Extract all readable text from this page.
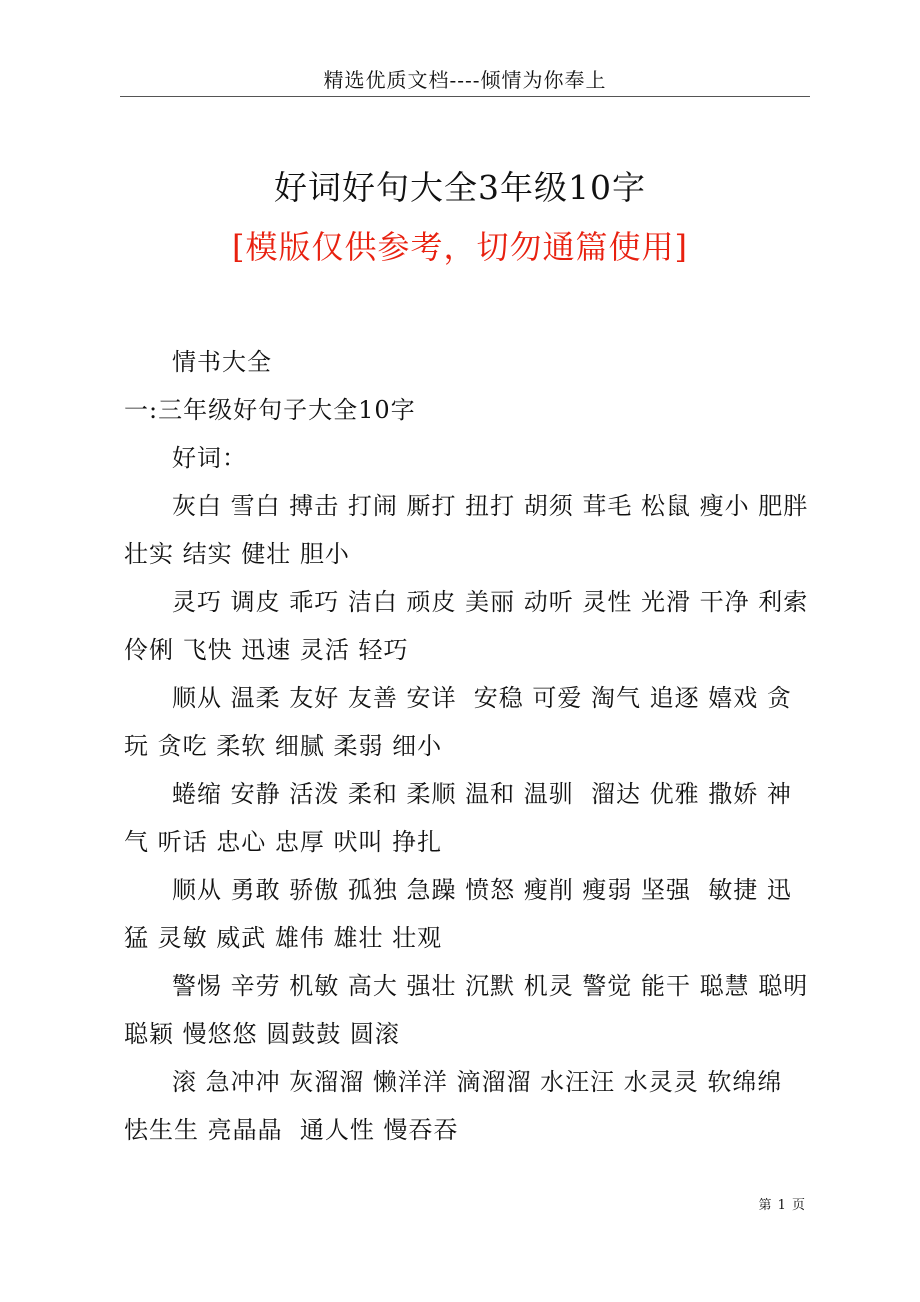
精选优质文档----倾情为你奉上
好词好句大全3年级10字
[模版仅供参考，切勿通篇使用]

情书大全

一:三年级好句子大全10字

好词：

灰白 雪白 搏击 打闹 厮打 扭打 胡须 茸毛 松鼠 瘦小 肥胖 壮实 结实 健壮 胆小

灵巧 调皮 乖巧 洁白 顽皮 美丽 动听 灵性 光滑 干净 利索 伶俐 飞快 迅速 灵活 轻巧

顺从 温柔 友好 友善 安详  安稳 可爱 淘气 追逐 嬉戏 贪玩 贪吃 柔软 细腻 柔弱 细小

蜷缩 安静 活泼 柔和 柔顺 温和 温驯  溜达 优雅 撒娇 神气 听话 忠心 忠厚 吠叫 挣扎

顺从 勇敢 骄傲 孤独 急躁 愤怒 瘦削 瘦弱 坚强  敏捷 迅猛 灵敏 威武 雄伟 雄壮 壮观

警惕 辛劳 机敏 高大 强壮 沉默 机灵 警觉 能干 聪慧 聪明    聪颖 慢悠悠 圆鼓鼓 圆滚

滚 急冲冲 灰溜溜 懒洋洋 滴溜溜 水汪汪 水灵灵 软绵绵 怯生生 亮晶晶  通人性 慢吞吞

第 1 页
